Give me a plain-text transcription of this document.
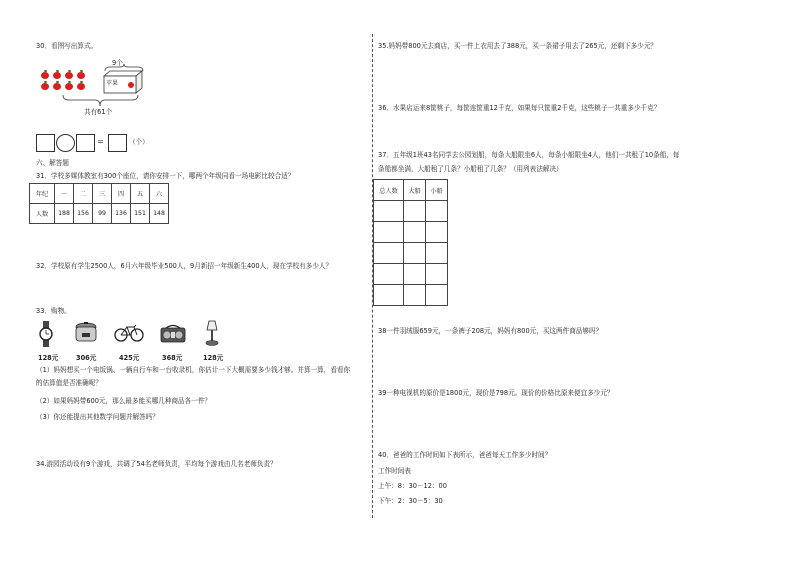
30．看图写出算式。
9个
苹果
共有61个
=	（个）
六、解答题
31．学校多媒体教室有300个座位，请你安排一下，哪两个年级同看一场电影比较合适？
年纪	一	二	三	四	五	六
人数	188	156	99	136	151	148
32．学校原有学生2500人，6月六年级毕业500人，9月新招一年级新生400人，现在学校有多少人？
33．购物。
128元	306元	425元	368元	128元
（1）妈妈想买一个电饭锅、一辆自行车和一台收录机，你估计一下大概需要多少钱才够。并算一算，看看你
的估算值是否准确呢？
（2）如果妈妈带600元，那么最多能买哪几种商品各一件？
（3）你还能提出其他数学问题并解答吗？
34.游园活动设有9个游戏，共调了54名老师负责，平均每个游戏由几名老师负责？
35.妈妈带800元去商店，买一件上衣用去了388元，买一条裙子用去了265元，还剩下多少元？
36．水果店运来8筐桃子，每筐连筐重12千克，如果每只筐重2千克，这些桃子一共重多少千克？
37．五年级1班43名同学去公园划船，每条大船限坐6人，每条小船限坐4人，他们一共租了10条船，每
条船都坐满，大船租了几条？小船租了几条？（用列表法解决）
总人数	大船	小船

38一件羽绒服659元，一条裤子208元，妈妈有800元，买这两件商品够吗？
39一种电视机的原价是1800元，现价是798元。现价的价格比原来便宜多少元？
40．爸爸的工作时间如下表所示，爸爸每天工作多少时间？
工作时间表
上午：8：30－12：00
下午：2：30－5：30
